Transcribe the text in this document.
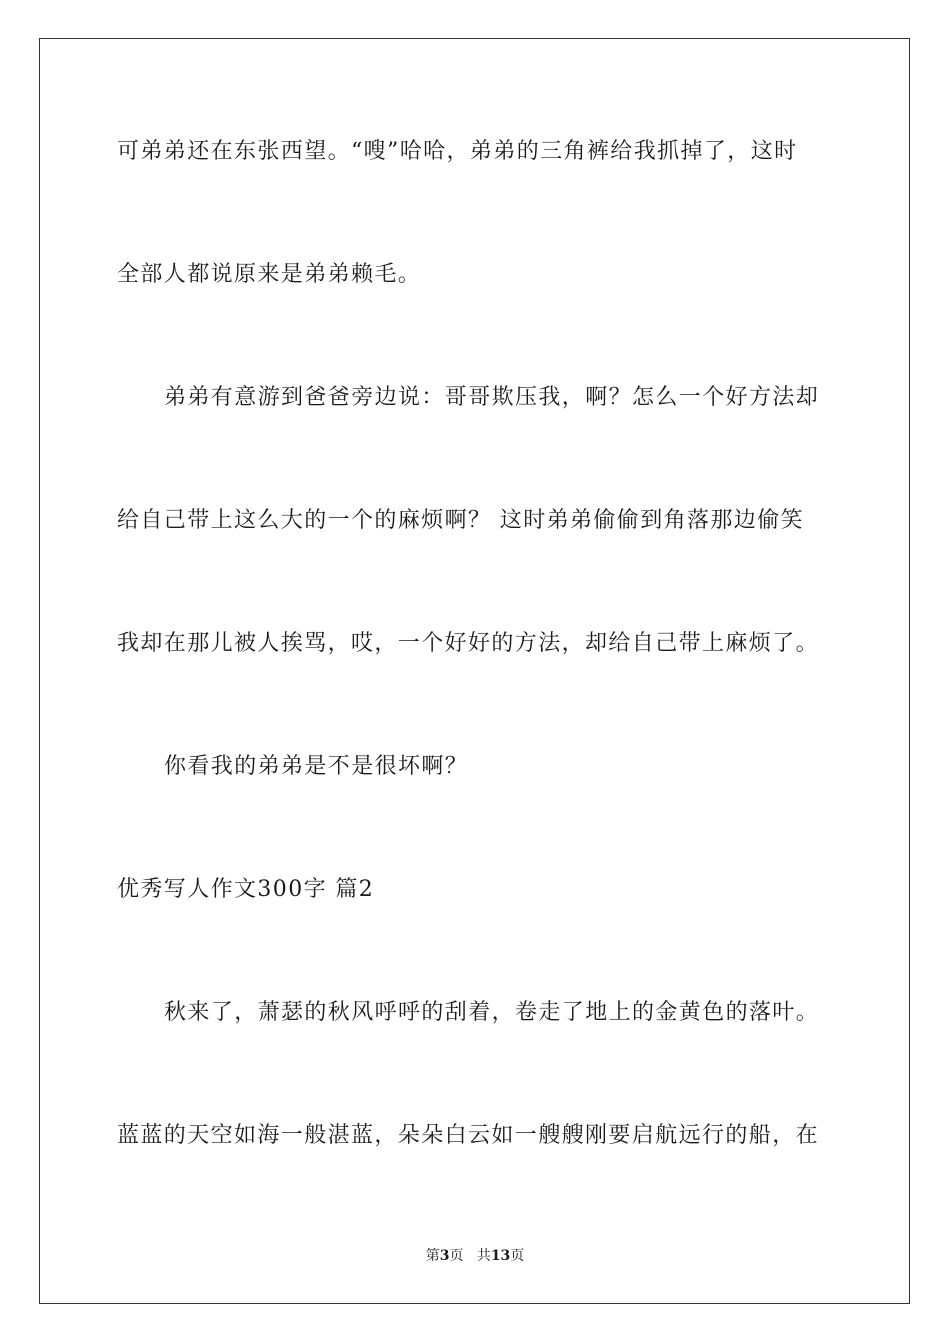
可弟弟还在东张西望。“嗖”哈哈，弟弟的三角裤给我抓掉了，这时
全部人都说原来是弟弟赖毛。
弟弟有意游到爸爸旁边说：哥哥欺压我，啊？怎么一个好方法却
给自己带上这么大的一个的麻烦啊？ 这时弟弟偷偷到角落那边偷笑
我却在那儿被人挨骂，哎，一个好好的方法，却给自己带上麻烦了。
你看我的弟弟是不是很坏啊？
优秀写人作文300字 篇2
秋来了，萧瑟的秋风呼呼的刮着，卷走了地上的金黄色的落叶。
蓝蓝的天空如海一般湛蓝，朵朵白云如一艘艘刚要启航远行的船，在
第3页 共13页
